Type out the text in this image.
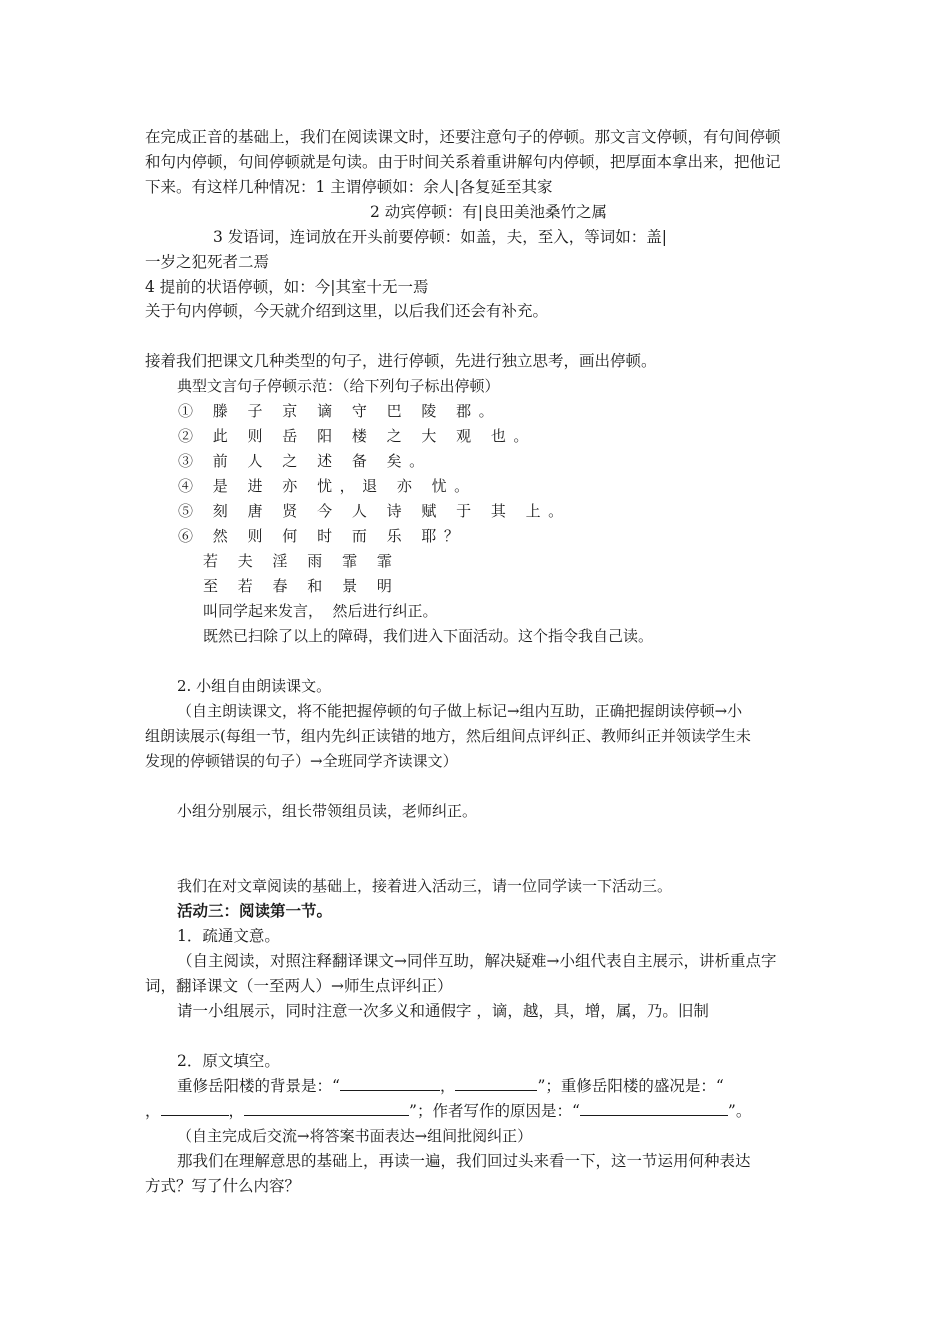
在完成正音的基础上，我们在阅读课文时，还要注意句子的停顿。那文言文停顿，有句间停顿
和句内停顿，句间停顿就是句读。由于时间关系着重讲解句内停顿，把厚面本拿出来，把他记
下来。有这样几种情况：1 主谓停顿如：余人|各复延至其家
2 动宾停顿：有|良田美池桑竹之属
3 发语词，连词放在开头前要停顿：如盖，夫，至入，等词如：盖|
一岁之犯死者二焉
4 提前的状语停顿，如：今|其室十无一焉
关于句内停顿，今天就介绍到这里，以后我们还会有补充。
接着我们把课文几种类型的句子，进行停顿，先进行独立思考，画出停顿。
典型文言句子停顿示范：（给下列句子标出停顿）
① 滕 子 京 谪 守 巴 陵 郡。
② 此 则 岳 阳 楼 之 大 观 也。
③ 前 人 之 述 备 矣。
④ 是 进 亦 忧，退 亦 忧。
⑤ 刻 唐 贤 今 人 诗 赋 于 其 上。
⑥ 然 则 何 时 而 乐 耶？
若 夫 淫 雨 霏 霏
至 若 春 和 景 明
叫同学起来发言，  然后进行纠正。
既然已扫除了以上的障碍，我们进入下面活动。这个指令我自己读。
2. 小组自由朗读课文。
（自主朗读课文，将不能把握停顿的句子做上标记→组内互助，正确把握朗读停顿→小
组朗读展示(每组一节，组内先纠正读错的地方，然后组间点评纠正、教师纠正并领读学生未
发现的停顿错误的句子）→全班同学齐读课文）
小组分别展示，组长带领组员读，老师纠正。
我们在对文章阅读的基础上，接着进入活动三，请一位同学读一下活动三。
活动三：阅读第一节。
1．疏通文意。
（自主阅读，对照注释翻译课文→同伴互助，解决疑难→小组代表自主展示，讲析重点字
词，翻译课文（一至两人）→师生点评纠正）
请一小组展示，同时注意一次多义和通假字 ，谪，越，具，增，属，乃。旧制
2．原文填空。
重修岳阳楼的背景是：“	，	”；重修岳阳楼的盛况是：“
，	，	”；作者写作的原因是：“	”。
（自主完成后交流→将答案书面表达→组间批阅纠正）
那我们在理解意思的基础上，再读一遍，我们回过头来看一下，这一节运用何种表达
方式？写了什么内容？
